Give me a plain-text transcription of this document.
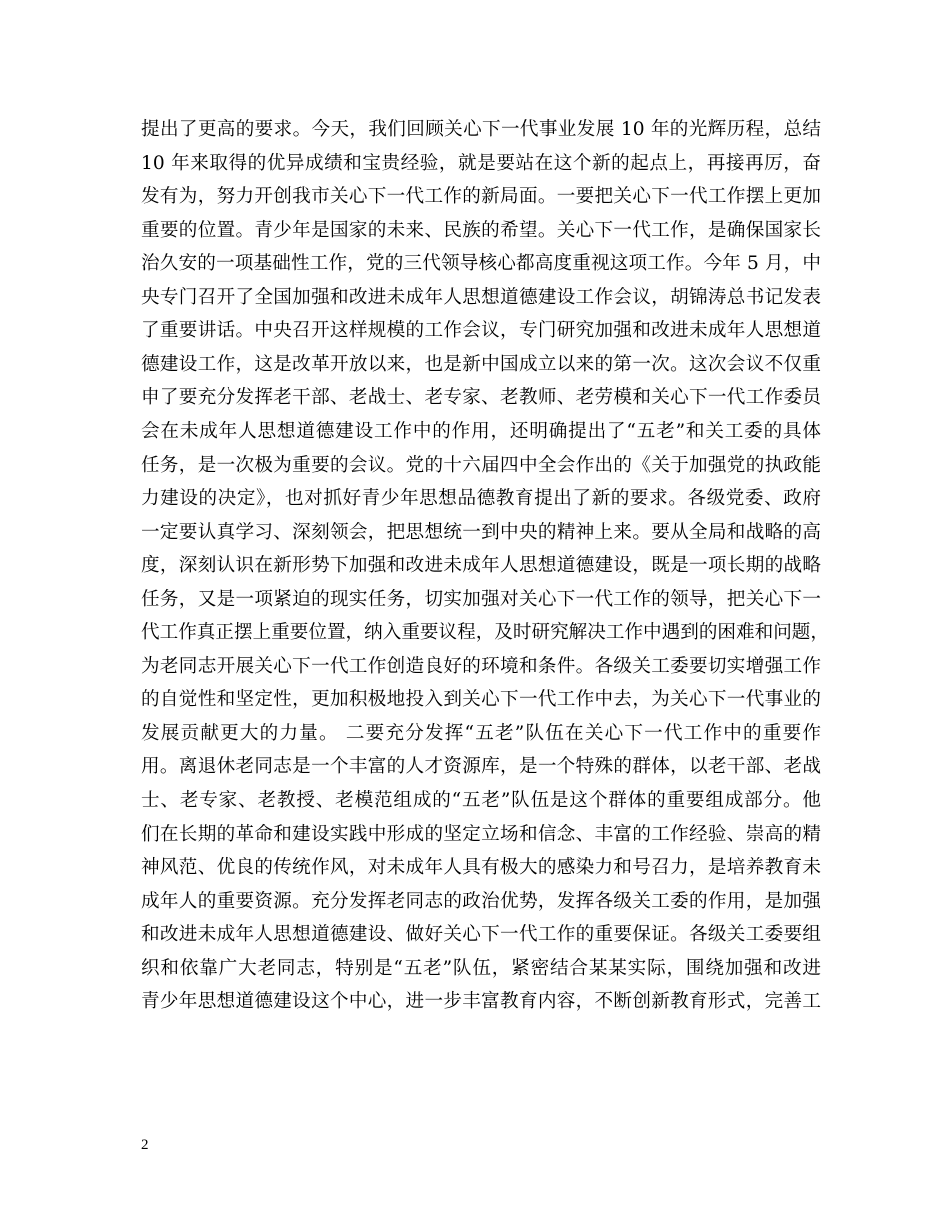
提出了更高的要求。今天，我们回顾关心下一代事业发展 10 年的光辉历程，总结
10 年来取得的优异成绩和宝贵经验，就是要站在这个新的起点上，再接再厉，奋
发有为，努力开创我市关心下一代工作的新局面。一要把关心下一代工作摆上更加
重要的位置。青少年是国家的未来、民族的希望。关心下一代工作，是确保国家长
治久安的一项基础性工作，党的三代领导核心都高度重视这项工作。今年 5 月，中
央专门召开了全国加强和改进未成年人思想道德建设工作会议，胡锦涛总书记发表
了重要讲话。中央召开这样规模的工作会议，专门研究加强和改进未成年人思想道
德建设工作，这是改革开放以来，也是新中国成立以来的第一次。这次会议不仅重
申了要充分发挥老干部、老战士、老专家、老教师、老劳模和关心下一代工作委员
会在未成年人思想道德建设工作中的作用，还明确提出了“五老”和关工委的具体
任务，是一次极为重要的会议。党的十六届四中全会作出的《关于加强党的执政能
力建设的决定》，也对抓好青少年思想品德教育提出了新的要求。各级党委、政府
一定要认真学习、深刻领会，把思想统一到中央的精神上来。要从全局和战略的高
度，深刻认识在新形势下加强和改进未成年人思想道德建设，既是一项长期的战略
任务，又是一项紧迫的现实任务，切实加强对关心下一代工作的领导，把关心下一
代工作真正摆上重要位置，纳入重要议程，及时研究解决工作中遇到的困难和问题，
为老同志开展关心下一代工作创造良好的环境和条件。各级关工委要切实增强工作
的自觉性和坚定性，更加积极地投入到关心下一代工作中去，为关心下一代事业的
发展贡献更大的力量。 二要充分发挥“五老”队伍在关心下一代工作中的重要作
用。离退休老同志是一个丰富的人才资源库，是一个特殊的群体，以老干部、老战
士、老专家、老教授、老模范组成的“五老”队伍是这个群体的重要组成部分。他
们在长期的革命和建设实践中形成的坚定立场和信念、丰富的工作经验、崇高的精
神风范、优良的传统作风，对未成年人具有极大的感染力和号召力，是培养教育未
成年人的重要资源。充分发挥老同志的政治优势，发挥各级关工委的作用，是加强
和改进未成年人思想道德建设、做好关心下一代工作的重要保证。各级关工委要组
织和依靠广大老同志，特别是“五老”队伍，紧密结合某某实际，围绕加强和改进
青少年思想道德建设这个中心，进一步丰富教育内容，不断创新教育形式，完善工
2
